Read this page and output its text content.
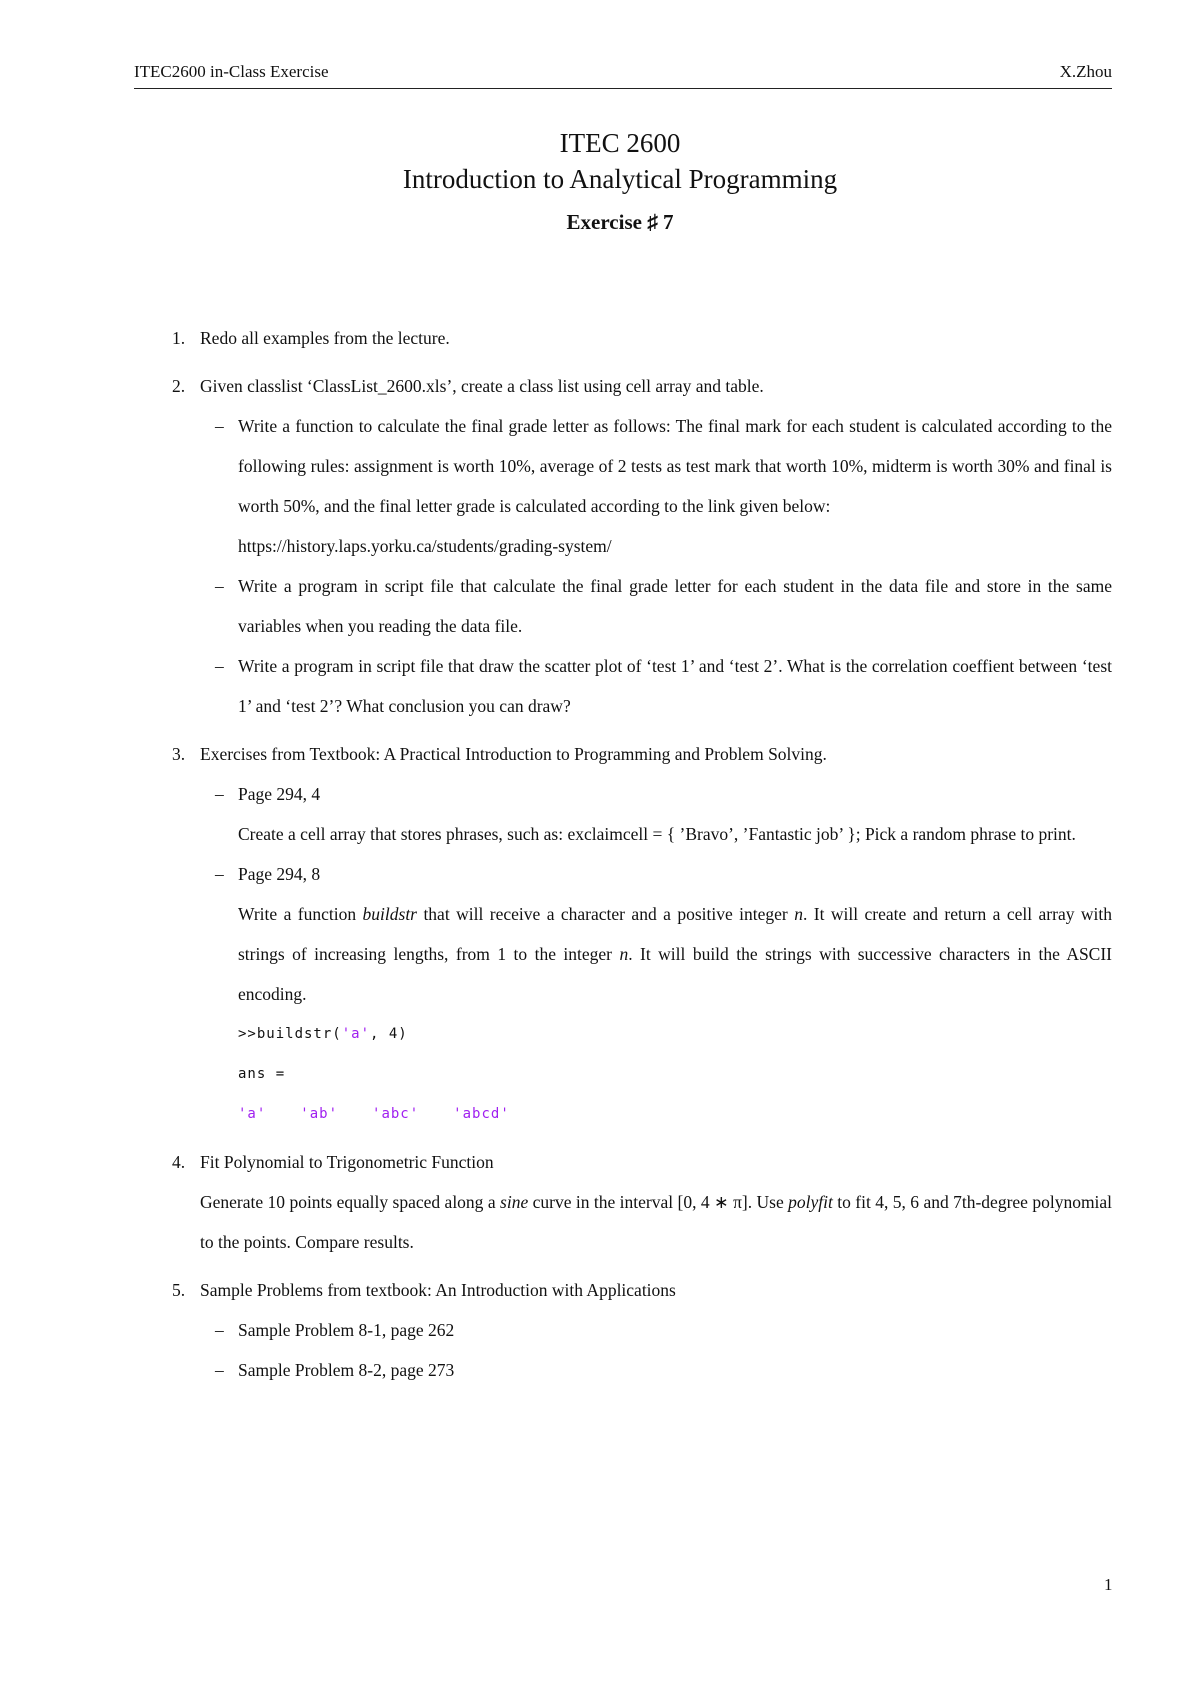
ITEC2600 in-Class Exercise	X.Zhou
ITEC 2600
Introduction to Analytical Programming
Exercise ♯ 7
1. Redo all examples from the lecture.
2. Given classlist ‘ClassList_2600.xls’, create a class list using cell array and table.
– Write a function to calculate the final grade letter as follows: The final mark for each student is calculated according to the following rules: assignment is worth 10%, average of 2 tests as test mark that worth 10%, midterm is worth 30% and final is worth 50%, and the final letter grade is calculated according to the link given below:
https://history.laps.yorku.ca/students/grading-system/
– Write a program in script file that calculate the final grade letter for each student in the data file and store in the same variables when you reading the data file.
– Write a program in script file that draw the scatter plot of ‘test 1’ and ‘test 2’. What is the correlation coeffient between ‘test 1’ and ‘test 2’? What conclusion you can draw?
3. Exercises from Textbook: A Practical Introduction to Programming and Problem Solving.
– Page 294, 4
Create a cell array that stores phrases, such as: exclaimcell = { ’Bravo’, ’Fantastic job’ }; Pick a random phrase to print.
– Page 294, 8
Write a function buildstr that will receive a character and a positive integer n. It will create and return a cell array with strings of increasing lengths, from 1 to the integer n. It will build the strings with successive characters in the ASCII encoding.
>>buildstr('a', 4)
ans =
'a' 'ab' 'abc' 'abcd'
4. Fit Polynomial to Trigonometric Function
Generate 10 points equally spaced along a sine curve in the interval [0, 4 ∗ π]. Use polyfit to fit 4, 5, 6 and 7th-degree polynomial to the points. Compare results.
5. Sample Problems from textbook: An Introduction with Applications
– Sample Problem 8-1, page 262
– Sample Problem 8-2, page 273
1
